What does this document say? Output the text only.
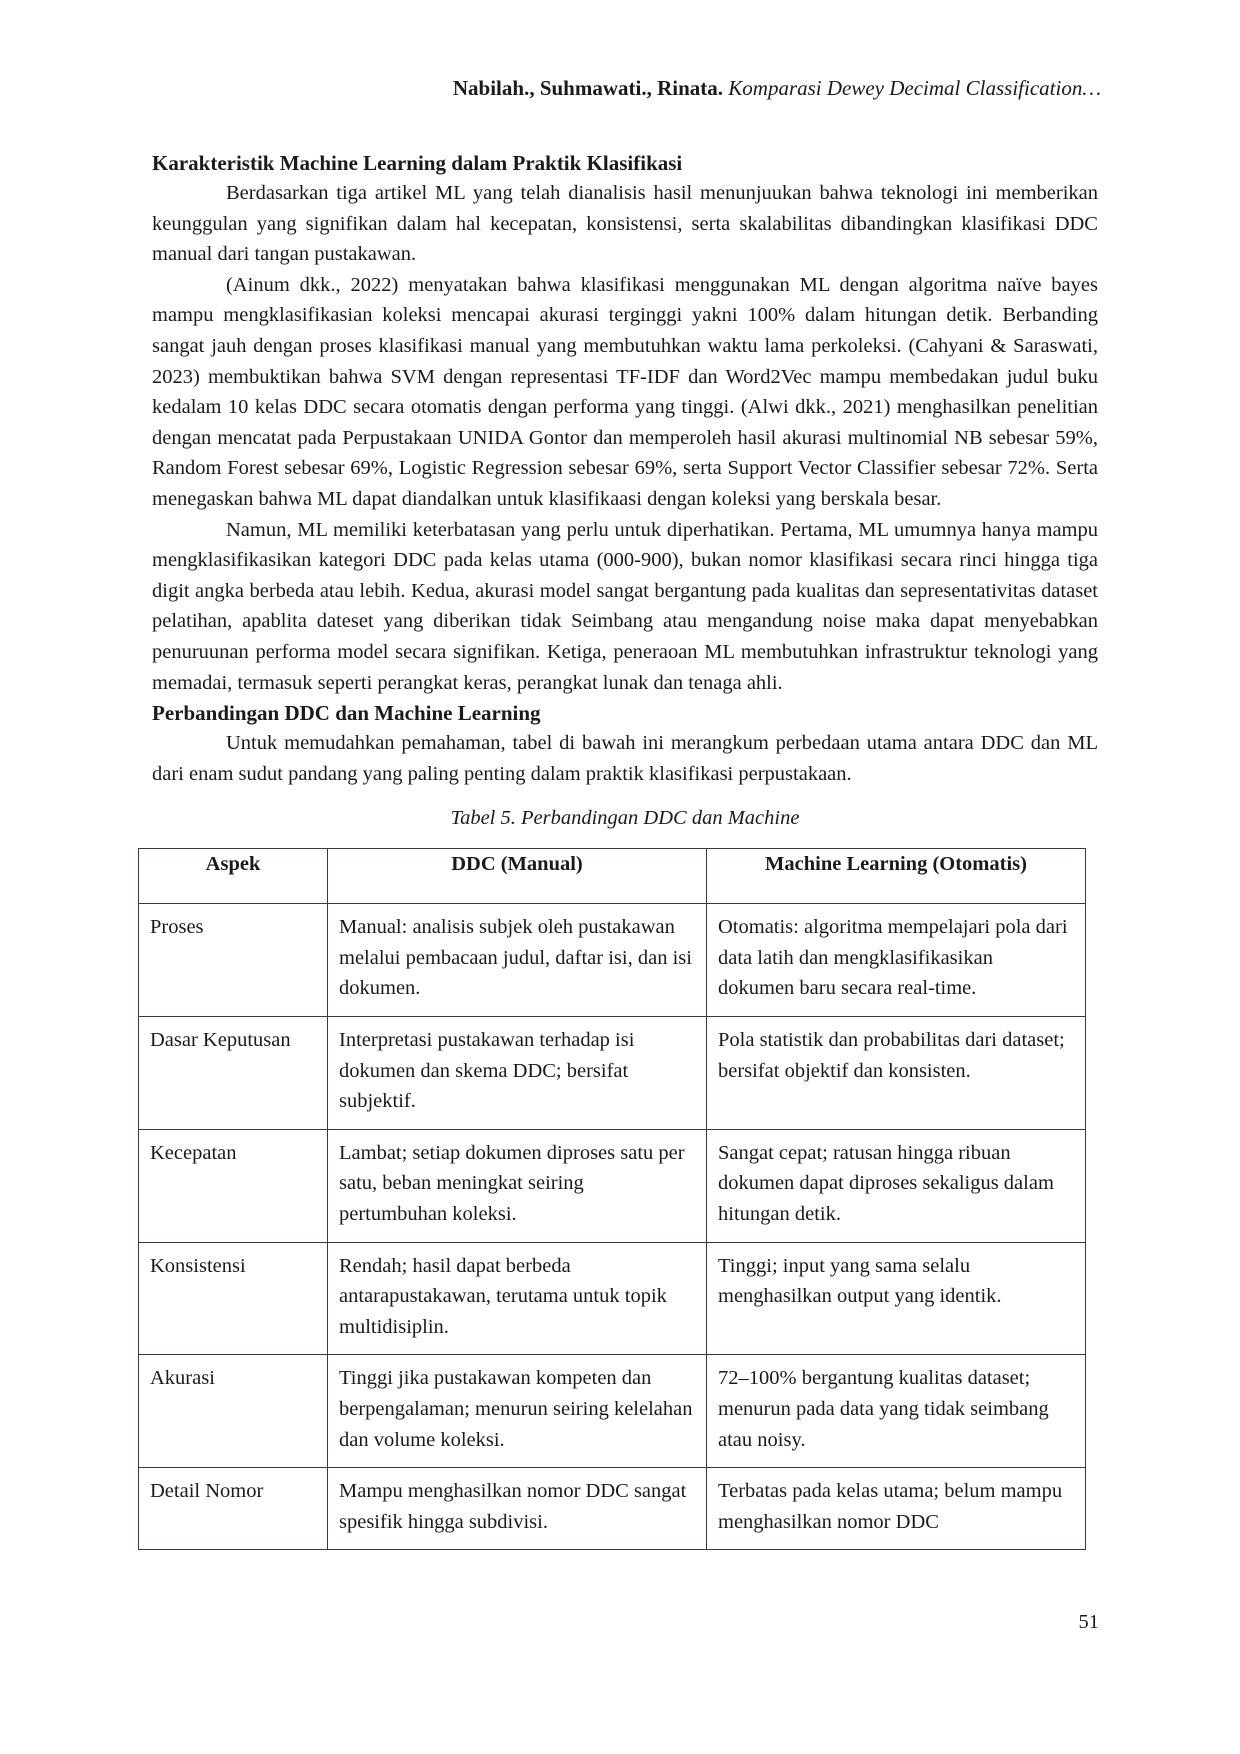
Nabilah., Suhmawati., Rinata. Komparasi Dewey Decimal Classification…
Karakteristik Machine Learning dalam Praktik Klasifikasi

Berdasarkan tiga artikel ML yang telah dianalisis hasil menunjuukan bahwa teknologi ini memberikan keunggulan yang signifikan dalam hal kecepatan, konsistensi, serta skalabilitas dibandingkan klasifikasi DDC manual dari tangan pustakawan.

(Ainum dkk., 2022) menyatakan bahwa klasifikasi menggunakan ML dengan algoritma naïve bayes mampu mengklasifikasian koleksi mencapai akurasi terginggi yakni 100% dalam hitungan detik. Berbanding sangat jauh dengan proses klasifikasi manual yang membutuhkan waktu lama perkoleksi. (Cahyani & Saraswati, 2023) membuktikan bahwa SVM dengan representasi TF-IDF dan Word2Vec mampu membedakan judul buku kedalam 10 kelas DDC secara otomatis dengan performa yang tinggi. (Alwi dkk., 2021) menghasilkan penelitian dengan mencatat pada Perpustakaan UNIDA Gontor dan memperoleh hasil akurasi multinomial NB sebesar 59%, Random Forest sebesar 69%, Logistic Regression sebesar 69%, serta Support Vector Classifier sebesar 72%. Serta menegaskan bahwa ML dapat diandalkan untuk klasifikaasi dengan koleksi yang berskala besar.

Namun, ML memiliki keterbatasan yang perlu untuk diperhatikan. Pertama, ML umumnya hanya mampu mengklasifikasikan kategori DDC pada kelas utama (000-900), bukan nomor klasifikasi secara rinci hingga tiga digit angka berbeda atau lebih. Kedua, akurasi model sangat bergantung pada kualitas dan sepresentativitas dataset pelatihan, apablita dateset yang diberikan tidak Seimbang atau mengandung noise maka dapat menyebabkan penuruunan performa model secara signifikan. Ketiga, peneraoan ML membutuhkan infrastruktur teknologi yang memadai, termasuk seperti perangkat keras, perangkat lunak dan tenaga ahli.

Perbandingan DDC dan Machine Learning

Untuk memudahkan pemahaman, tabel di bawah ini merangkum perbedaan utama antara DDC dan ML dari enam sudut pandang yang paling penting dalam praktik klasifikasi perpustakaan.

Tabel 5. Perbandingan DDC dan Machine
Aspek	DDC (Manual)	Machine Learning (Otomatis)
Proses	Manual: analisis subjek oleh pustakawan melalui pembacaan judul, daftar isi, dan isi dokumen.	Otomatis: algoritma mempelajari pola dari data latih dan mengklasifikasikan dokumen baru secara real-time.
Dasar Keputusan	Interpretasi pustakawan terhadap isi dokumen dan skema DDC; bersifat subjektif.	Pola statistik dan probabilitas dari dataset; bersifat objektif dan konsisten.
Kecepatan	Lambat; setiap dokumen diproses satu per satu, beban meningkat seiring pertumbuhan koleksi.	Sangat cepat; ratusan hingga ribuan dokumen dapat diproses sekaligus dalam hitungan detik.
Konsistensi	Rendah; hasil dapat berbeda antarapustakawan, terutama untuk topik multidisiplin.	Tinggi; input yang sama selalu menghasilkan output yang identik.
Akurasi	Tinggi jika pustakawan kompeten dan berpengalaman; menurun seiring kelelahan dan volume koleksi.	72–100% bergantung kualitas dataset; menurun pada data yang tidak seimbang atau noisy.
Detail Nomor	Mampu menghasilkan nomor DDC sangat spesifik hingga subdivisi.	Terbatas pada kelas utama; belum mampu menghasilkan nomor DDC
51
